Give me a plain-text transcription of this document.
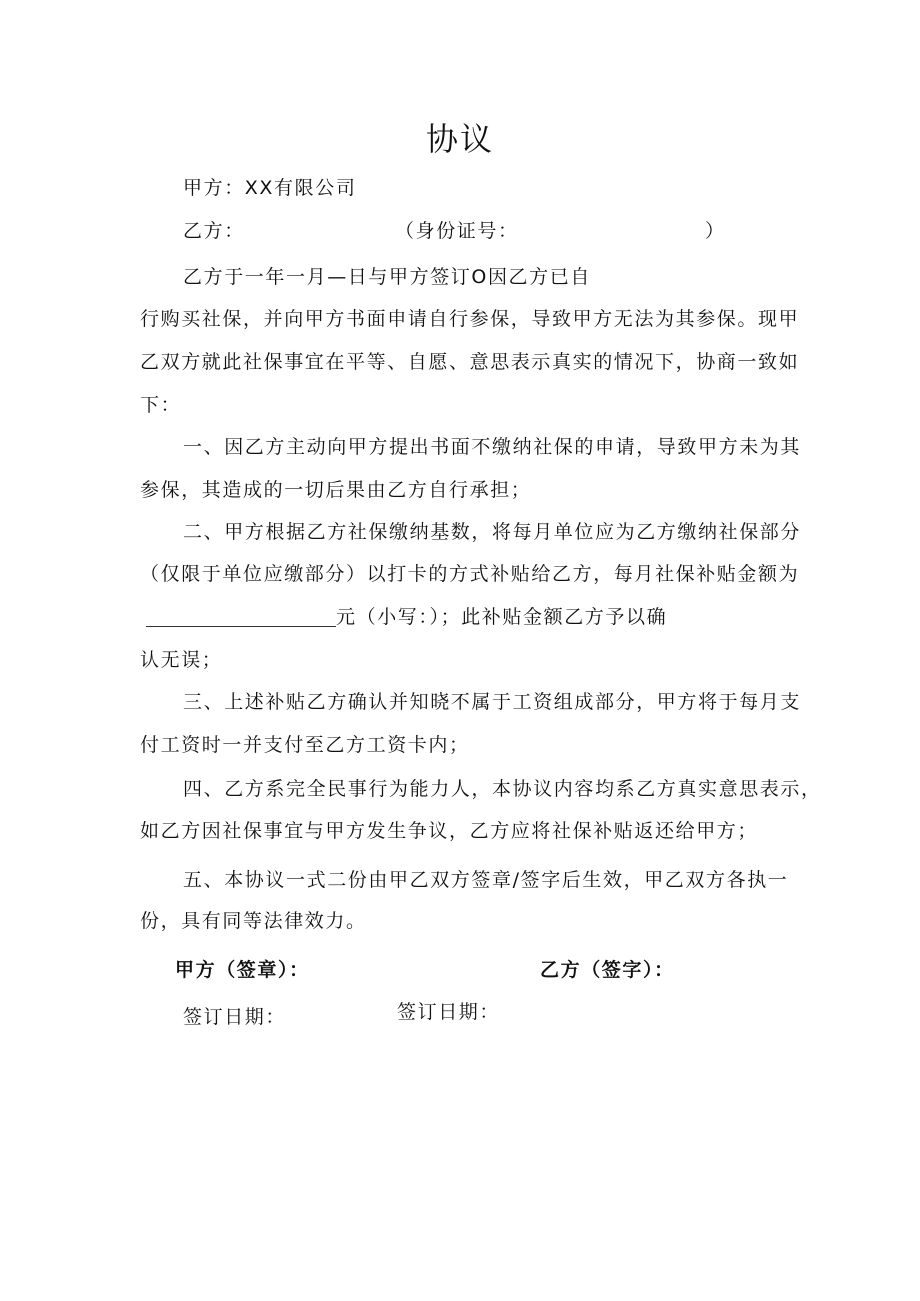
协议
甲方：XX有限公司
乙方：	（身份证号：	）
乙方于一年一月—日与甲方签订O因乙方已自
行购买社保，并向甲方书面申请自行参保，导致甲方无法为其参保。现甲
乙双方就此社保事宜在平等、自愿、意思表示真实的情况下，协商一致如
下：
一、因乙方主动向甲方提出书面不缴纳社保的申请，导致甲方未为其
参保，其造成的一切后果由乙方自行承担；
二、甲方根据乙方社保缴纳基数，将每月单位应为乙方缴纳社保部分
（仅限于单位应缴部分）以打卡的方式补贴给乙方，每月社保补贴金额为
元（小写：）；此补贴金额乙方予以确
认无误；
三、上述补贴乙方确认并知晓不属于工资组成部分，甲方将于每月支
付工资时一并支付至乙方工资卡内；
四、乙方系完全民事行为能力人，本协议内容均系乙方真实意思表示，
如乙方因社保事宜与甲方发生争议，乙方应将社保补贴返还给甲方；
五、本协议一式二份由甲乙双方签章/签字后生效，甲乙双方各执一
份，具有同等法律效力。
甲方（签章）：	乙方（签字）：
签订日期：	签订日期：
